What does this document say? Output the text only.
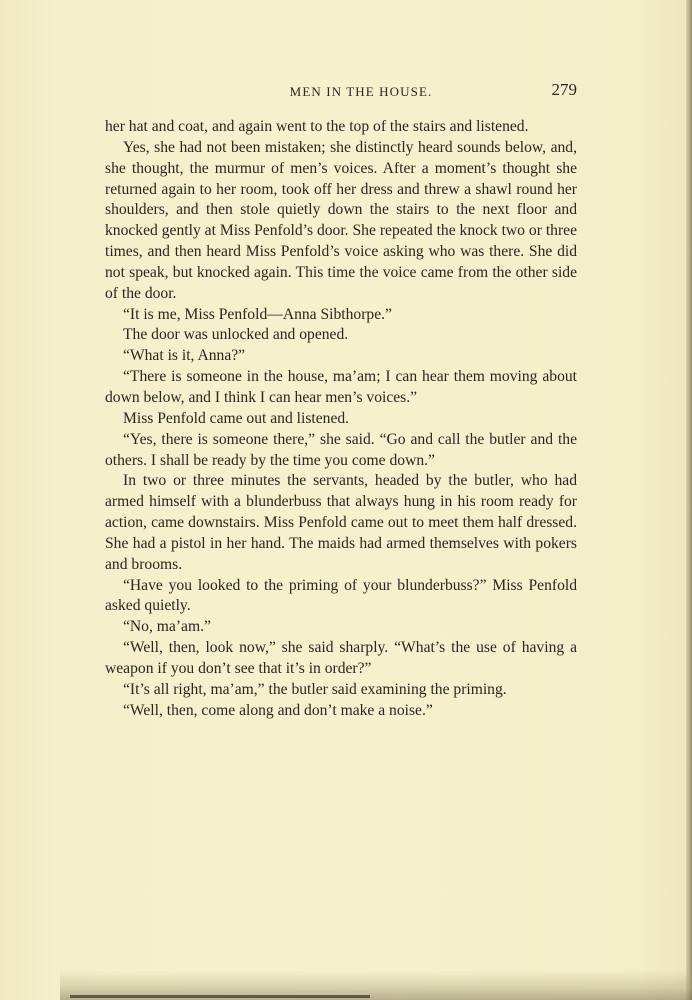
MEN IN THE HOUSE.	279

her hat and coat, and again went to the top of the stairs and listened.

Yes, she had not been mistaken; she distinctly heard sounds below, and, she thought, the murmur of men’s voices. After a moment’s thought she returned again to her room, took off her dress and threw a shawl round her shoulders, and then stole quietly down the stairs to the next floor and knocked gently at Miss Penfold’s door. She repeated the knock two or three times, and then heard Miss Penfold’s voice asking who was there. She did not speak, but knocked again. This time the voice came from the other side of the door.

“It is me, Miss Penfold—Anna Sibthorpe.”

The door was unlocked and opened.

“What is it, Anna?”

“There is someone in the house, ma’am; I can hear them moving about down below, and I think I can hear men’s voices.”

Miss Penfold came out and listened.

“Yes, there is someone there,” she said. “Go and call the butler and the others. I shall be ready by the time you come down.”

In two or three minutes the servants, headed by the butler, who had armed himself with a blunderbuss that always hung in his room ready for action, came downstairs. Miss Penfold came out to meet them half dressed. She had a pistol in her hand. The maids had armed themselves with pokers and brooms.

“Have you looked to the priming of your blunderbuss?” Miss Penfold asked quietly.

“No, ma’am.”

“Well, then, look now,” she said sharply. “What’s the use of having a weapon if you don’t see that it’s in order?”

“It’s all right, ma’am,” the butler said examining the priming.

“Well, then, come along and don’t make a noise.”
